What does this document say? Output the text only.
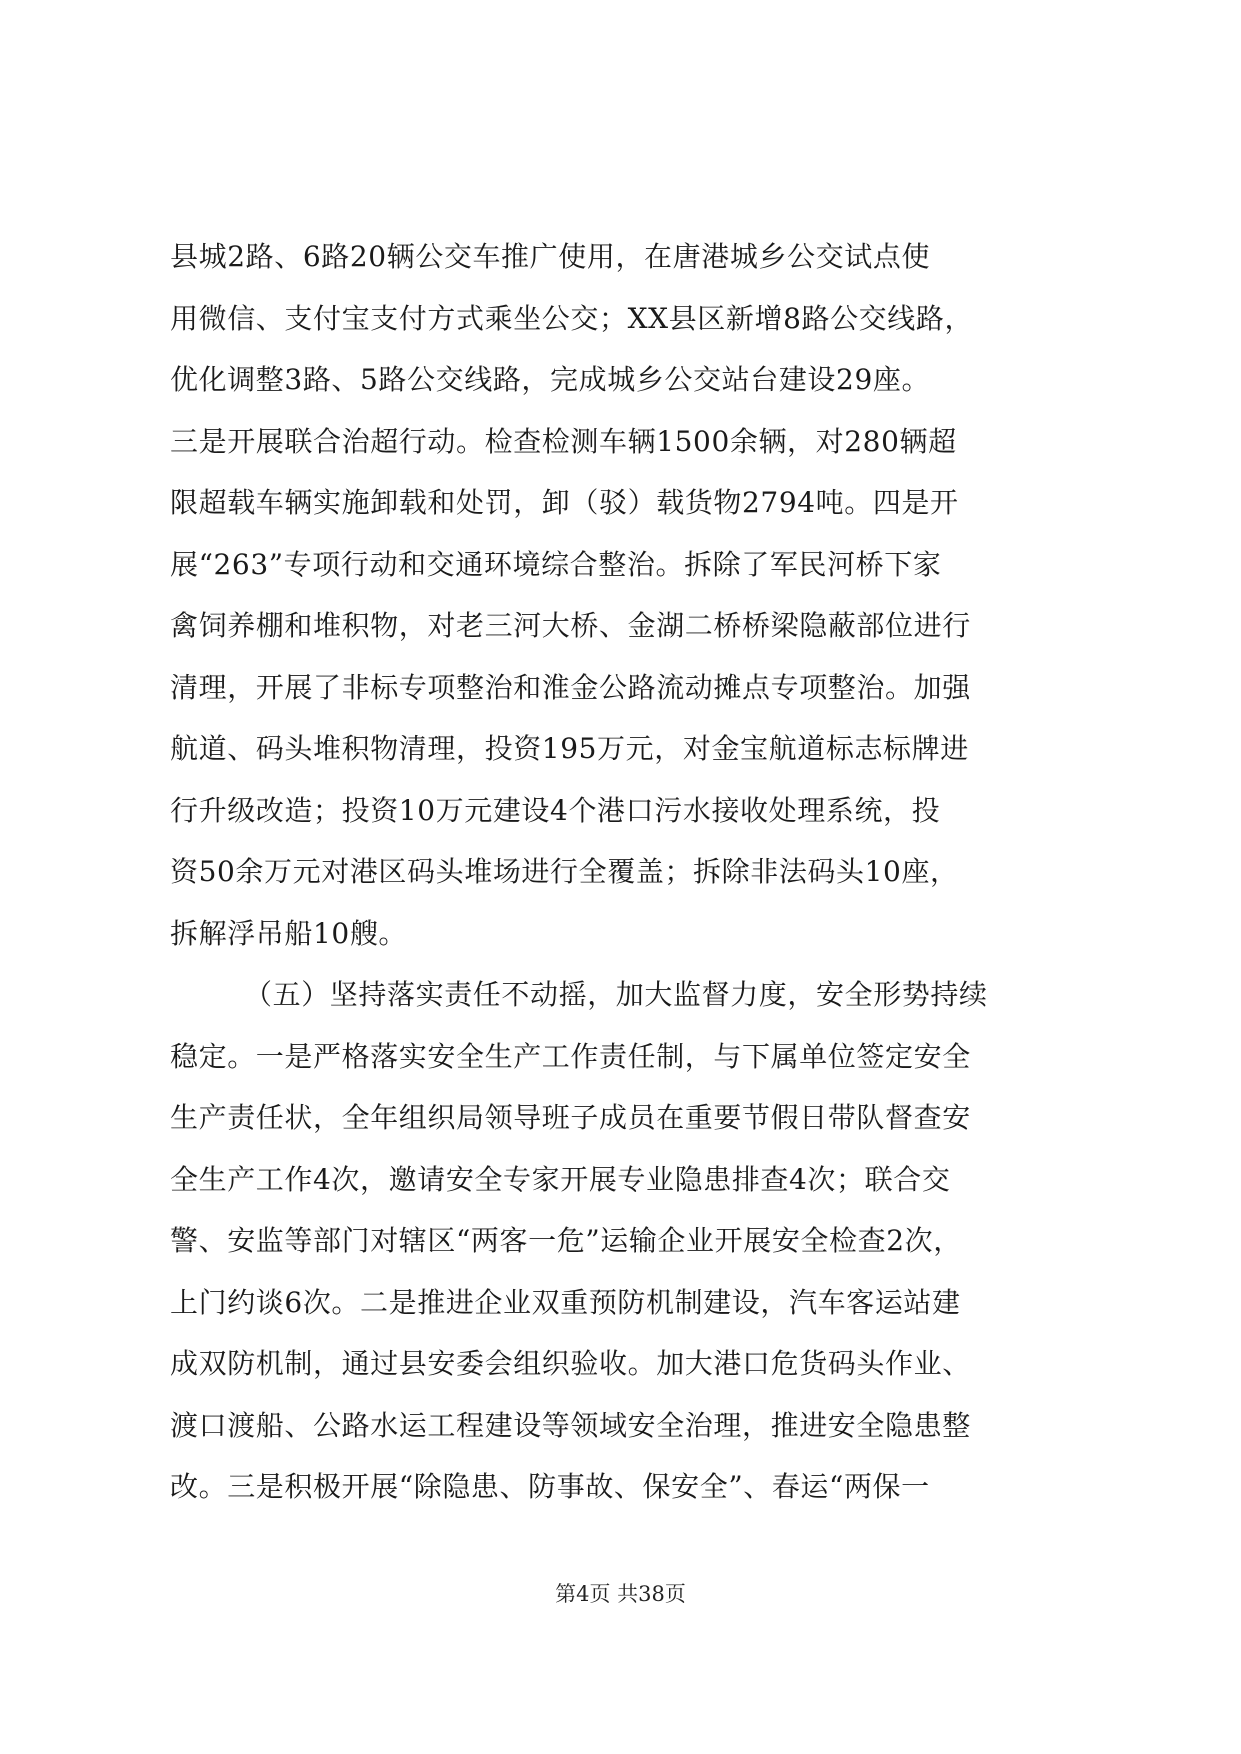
县城2路、6路20辆公交车推广使用，在唐港城乡公交试点使
用微信、支付宝支付方式乘坐公交；XX县区新增8路公交线路，
优化调整3路、5路公交线路，完成城乡公交站台建设29座。
三是开展联合治超行动。检查检测车辆1500余辆，对280辆超
限超载车辆实施卸载和处罚，卸（驳）载货物2794吨。四是开
展“263”专项行动和交通环境综合整治。拆除了军民河桥下家
禽饲养棚和堆积物，对老三河大桥、金湖二桥桥梁隐蔽部位进行
清理，开展了非标专项整治和淮金公路流动摊点专项整治。加强
航道、码头堆积物清理，投资195万元，对金宝航道标志标牌进
行升级改造；投资10万元建设4个港口污水接收处理系统，投
资50余万元对港区码头堆场进行全覆盖；拆除非法码头10座，
拆解浮吊船10艘。
（五）坚持落实责任不动摇，加大监督力度，安全形势持续
稳定。一是严格落实安全生产工作责任制，与下属单位签定安全
生产责任状，全年组织局领导班子成员在重要节假日带队督查安
全生产工作4次，邀请安全专家开展专业隐患排查4次；联合交
警、安监等部门对辖区“两客一危”运输企业开展安全检查2次，
上门约谈6次。二是推进企业双重预防机制建设，汽车客运站建
成双防机制，通过县安委会组织验收。加大港口危货码头作业、
渡口渡船、公路水运工程建设等领域安全治理，推进安全隐患整
改。三是积极开展“除隐患、防事故、保安全”、春运“两保一
第4页 共38页
